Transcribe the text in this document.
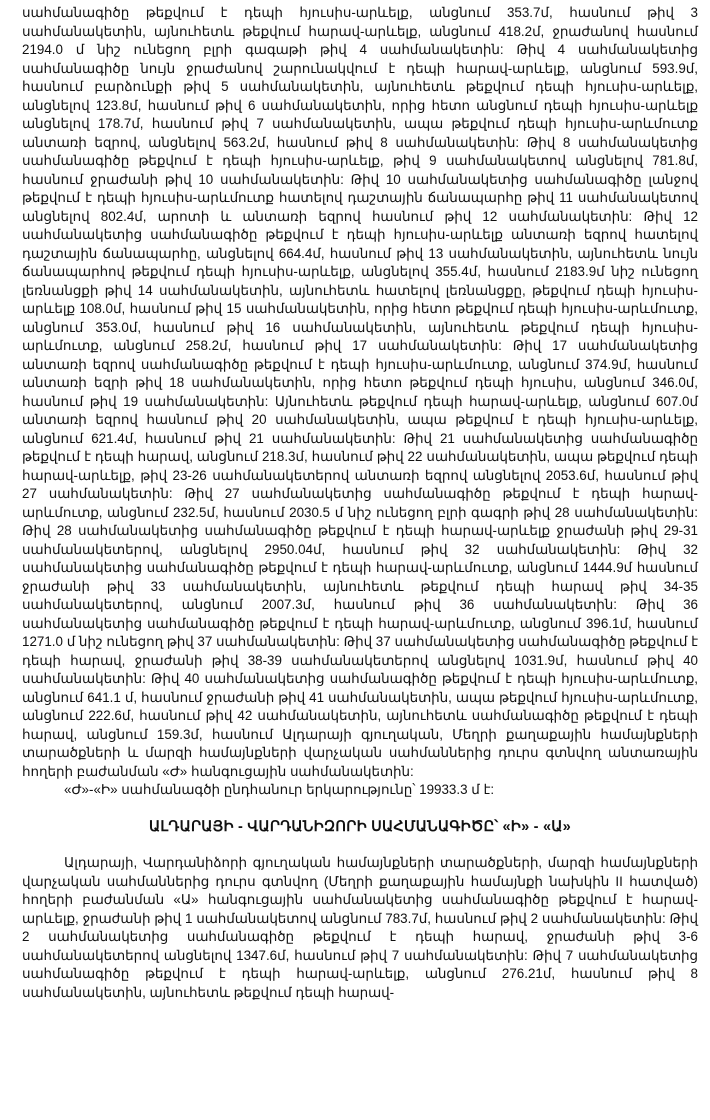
սահմանագիծը թեքվում է դեպի հյուսիս-արևելք, անցնում 353.7մ, հասնում թիվ 3 սահմանակետին, այնուհետև թեքվում հարավ-արևելք, անցնում 418.2մ, ջրաժանով հասնում 2194.0 մ նիշ ունեցող բլրի գագաթի թիվ 4 սահմանակետին: Թիվ 4 սահմանակետից սահմանագիծը նույն ջրաժանով շարունակվում է դեպի հարավ-արևելք, անցնում 593.9մ, հասնում բարձունքի թիվ 5 սահմանակետին, այնուհետև թեքվում դեպի հյուսիս-արևելք, անցնելով 123.8մ, հասնում թիվ 6 սահմանակետին, որից հետո անցնում դեպի հյուսիս-արևելք անցնելով 178.7մ, հասնում թիվ 7 սահմանակետին, ապա թեքվում դեպի հյուսիս-արևմուտք անտառի եզրով, անցնելով 563.2մ, հասնում թիվ 8 սահմանակետին: Թիվ 8 սահմանակետից սահմանագիծը թեքվում է դեպի հյուսիս-արևելք, թիվ 9 սահմանակետով անցնելով 781.8մ, հասնում ջրաժանի թիվ 10 սահմանակետին: Թիվ 10 սահմանակետից սահմանագիծը լանջով թեքվում է դեպի հյուսիս-արևմուտք հատելով դաշտային ճանապարհը թիվ 11 սահմանակետով անցնելով 802.4մ, արոտի և անտառի եզրով հասնում թիվ 12 սահմանակետին: Թիվ 12 սահմանակետից սահմանագիծը թեքվում է դեպի հյուսիս-արևելք անտառի եզրով հատելով դաշտային ճանապարհը, անցնելով 664.4մ, հասնում թիվ 13 սահմանակետին, այնուհետև նույն ճանապարհով թեքվում դեպի հյուսիս-արևելք, անցնելով 355.4մ, հասնում 2183.9մ նիշ ունեցող լեռնանցքի թիվ 14 սահմանակետին, այնուհետև հատելով լեռնանցքը, թեքվում դեպի հյուսիս-արևելք 108.0մ, հասնում թիվ 15 սահմանակետին, որից հետո թեքվում դեպի հյուսիս-արևմուտք, անցնում 353.0մ, հասնում թիվ 16 սահմանակետին, այնուհետև թեքվում դեպի հյուսիս-արևմուտք, անցնում 258.2մ, հասնում թիվ 17 սահմանակետին: Թիվ 17 սահմանակետից անտառի եզրով սահմանագիծը թեքվում է դեպի հյուսիս-արևմուտք, անցնում 374.9մ, հասնում անտառի եզրի թիվ 18 սահմանակետին, որից հետո թեքվում դեպի հյուսիս, անցնում 346.0մ, հասնում թիվ 19 սահմանակետին: Այնուհետև թեքվում դեպի հարավ-արևելք, անցնում 607.0մ անտառի եզրով հասնում թիվ 20 սահմանակետին, ապա թեքվում է դեպի հյուսիս-արևելք, անցնում 621.4մ, հասնում թիվ 21 սահմանակետին: Թիվ 21 սահմանակետից սահմանագիծը թեքվում է դեպի հարավ, անցնում 218.3մ, հասնում թիվ 22 սահմանակետին, ապա թեքվում դեպի հարավ-արևելք, թիվ 23-26 սահմանակետերով անտառի եզրով անցնելով 2053.6մ, հասնում թիվ 27 սահմանակետին: Թիվ 27 սահմանակետից սահմանագիծը թեքվում է դեպի հարավ-արևմուտք, անցնում 232.5մ, հասնում 2030.5 մ նիշ ունեցող բլրի գագրի թիվ 28 սահմանակետին: Թիվ 28 սահմանակետից սահմանագիծը թեքվում է դեպի հարավ-արևելք ջրաժանի թիվ 29-31 սահմանակետերով, անցնելով 2950.04մ, հասնում թիվ 32 սահմանակետին: Թիվ 32 սահմանակետից սահմանագիծը թեքվում է դեպի հարավ-արևմուտք, անցնում 1444.9մ հասնում ջրաժանի թիվ 33 սահմանակետին, այնուհետև թեքվում դեպի հարավ թիվ 34-35 սահմանակետերով, անցնում 2007.3մ, հասնում թիվ 36 սահմանակետին: Թիվ 36 սահմանակետից սահմանագիծը թեքվում է դեպի հարավ-արևմուտք, անցնում 396.1մ, հասնում 1271.0 մ նիշ ունեցող թիվ 37 սահմանակետին: Թիվ 37 սահմանակետից սահմանագիծը թեքվում է դեպի հարավ, ջրաժանի թիվ 38-39 սահմանակետերով անցնելով 1031.9մ, հասնում թիվ 40 սահմանակետին: Թիվ 40 սահմանակետից սահմանագիծը թեքվում է դեպի հյուսիս-արևմուտք, անցնում 641.1 մ, հասնում ջրաժանի թիվ 41 սահմանակետին, ապա թեքվում հյուսիս-արևմուտք, անցնում 222.6մ, հասնում թիվ 42 սահմանակետին, այնուհետև սահմանագիծը թեքվում է դեպի հարավ, անցնում 159.3մ, հասնում Ալդարայի գյուղական, Մեղրի քաղաքային համայնքների տարածքների և մարզի համայնքների վարչական սահմաններից դուրս գտնվող անտառային հողերի բաժանման «Ժ» հանգուցային սահմանակետին:

«Ժ»-«Ի» սահմանագծի ընդհանուր երկարությունը՝ 19933.3 մ է:

ԱԼԴԱՐԱՅԻ - ՎԱՐԴԱՆԻԶՈՐԻ ՍԱՀՄԱՆԱԳԻԾԸ՝ «Ի» - «Ա»

Ալդարայի, Վարդանիձորի գյուղական համայնքների տարածքների, մարզի համայնքների վարչական սահմաններից դուրս գտնվող (Մեղրի քաղաքային համայնքի նախկին II հատված) հողերի բաժանման «Ա» հանգուցային սահմանակետից սահմանագիծը թեքվում է հարավ-արևելք, ջրաժանի թիվ 1 սահմանակետով անցնում 783.7մ, հասնում թիվ 2 սահմանակետին: Թիվ 2 սահմանակետից սահմանագիծը թեքվում է դեպի հարավ, ջրաժանի թիվ 3-6 սահմանակետերով անցնելով 1347.6մ, հասնում թիվ 7 սահմանակետին: Թիվ 7 սահմանակետից սահմանագիծը թեքվում է դեպի հարավ-արևելք, անցնում 276.21մ, հասնում թիվ 8 սահմանակետին, այնուհետև թեքվում դեպի հարավ-
